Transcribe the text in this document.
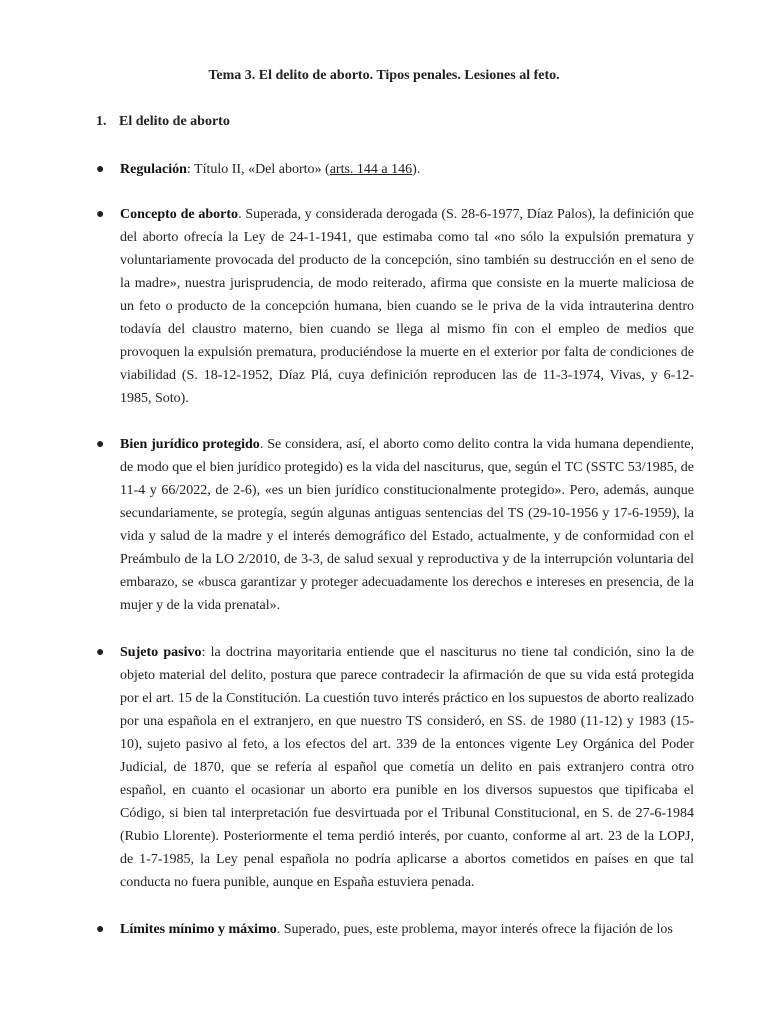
Tema 3. El delito de aborto. Tipos penales. Lesiones al feto.
1. El delito de aborto
●	Regulación: Título II, «Del aborto» (arts. 144 a 146).
●	Concepto de aborto. Superada, y considerada derogada (S. 28-6-1977, Díaz Palos), la definición que del aborto ofrecía la Ley de 24-1-1941, que estimaba como tal «no sólo la expulsión prematura y voluntariamente provocada del producto de la concepción, sino también su destrucción en el seno de la madre», nuestra jurisprudencia, de modo reiterado, afirma que consiste en la muerte maliciosa de un feto o producto de la concepción humana, bien cuando se le priva de la vida intrauterina dentro todavía del claustro materno, bien cuando se llega al mismo fin con el empleo de medios que provoquen la expulsión prematura, produciéndose la muerte en el exterior por falta de condiciones de viabilidad (S. 18-12-1952, Díaz Plá, cuya definición reproducen las de 11-3-1974, Vivas, y 6-12-1985, Soto).
●	Bien jurídico protegido. Se considera, así, el aborto como delito contra la vida humana dependiente, de modo que el bien jurídico protegido) es la vida del nasciturus, que, según el TC (SSTC 53/1985, de 11-4 y 66/2022, de 2-6), «es un bien jurídico constitucionalmente protegido». Pero, además, aunque secundariamente, se protegía, según algunas antiguas sentencias del TS (29-10-1956 y 17-6-1959), la vida y salud de la madre y el interés demográfico del Estado, actualmente, y de conformidad con el Preámbulo de la LO 2/2010, de 3-3, de salud sexual y reproductiva y de la interrupción voluntaria del embarazo, se «busca garantizar y proteger adecuadamente los derechos e intereses en presencia, de la mujer y de la vida prenatal».
●	Sujeto pasivo: la doctrina mayoritaria entiende que el nasciturus no tiene tal condición, sino la de objeto material del delito, postura que parece contradecir la afirmación de que su vida está protegida por el art. 15 de la Constitución. La cuestión tuvo interés práctico en los supuestos de aborto realizado por una española en el extranjero, en que nuestro TS consideró, en SS. de 1980 (11-12) y 1983 (15-10), sujeto pasivo al feto, a los efectos del art. 339 de la entonces vigente Ley Orgánica del Poder Judicial, de 1870, que se refería al español que cometía un delito en pais extranjero contra otro español, en cuanto el ocasionar un aborto era punible en los diversos supuestos que tipificaba el Código, si bien tal interpretación fue desvirtuada por el Tribunal Constitucional, en S. de 27-6-1984 (Rubio Llorente). Posteriormente el tema perdió interés, por cuanto, conforme al art. 23 de la LOPJ, de 1-7-1985, la Ley penal española no podría aplicarse a abortos cometidos en países en que tal conducta no fuera punible, aunque en España estuviera penada.
●	Límites mínimo y máximo. Superado, pues, este problema, mayor interés ofrece la fijación de los
